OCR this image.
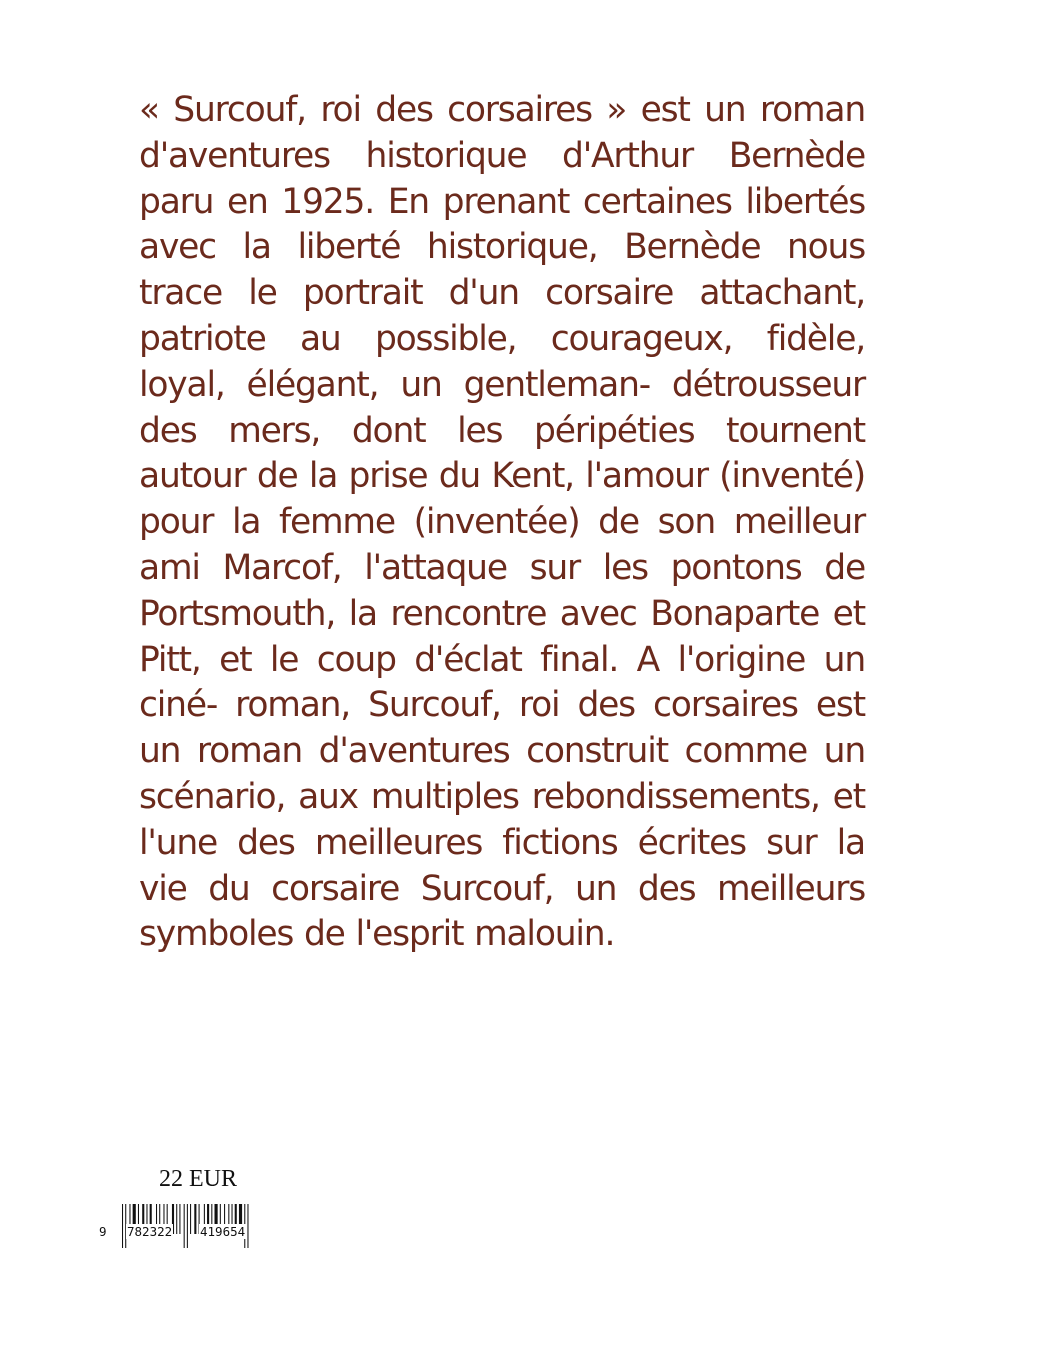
« Surcouf, roi des corsaires » est un roman d'aventures historique d'Arthur Bernède paru en 1925. En prenant certaines libertés avec la liberté historique, Bernède nous trace le portrait d'un corsaire attachant, patriote au possible, courageux, fidèle, loyal, élégant, un gentleman- détrousseur des mers, dont les péripéties tournent autour de la prise du Kent, l'amour (inventé) pour la femme (inventée) de son meilleur ami Marcof, l'attaque sur les pontons de Portsmouth, la rencontre avec Bonaparte et Pitt, et le coup d'éclat final. A l'origine un ciné- roman, Surcouf, roi des corsaires est un roman d'aventures construit comme un scénario, aux multiples rebondissements, et l'une des meilleures fictions écrites sur la vie du corsaire Surcouf, un des meilleurs symboles de l'esprit malouin.

22 EUR
9 782322 419654
